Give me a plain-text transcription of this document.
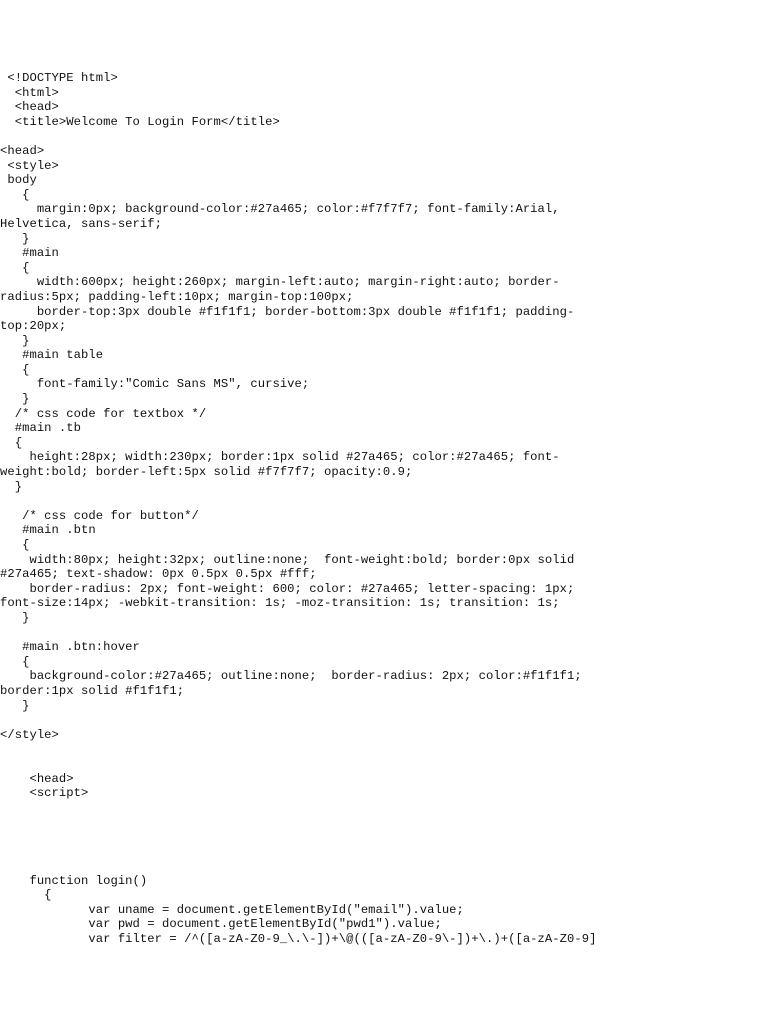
<!DOCTYPE html>
<html>
<head>
<title>Welcome To Login Form</title>
<head>
<style>
body
{
margin:0px; background-color:#27a465; color:#f7f7f7; font-family:Arial,
Helvetica, sans-serif;
}
#main
{
width:600px; height:260px; margin-left:auto; margin-right:auto; border-
radius:5px; padding-left:10px; margin-top:100px;
border-top:3px double #f1f1f1; border-bottom:3px double #f1f1f1; padding-
top:20px;
}
#main table
{
font-family:"Comic Sans MS", cursive;
}
/* css code for textbox */
#main .tb
{
height:28px; width:230px; border:1px solid #27a465; color:#27a465; font-
weight:bold; border-left:5px solid #f7f7f7; opacity:0.9;
}
/* css code for button*/
#main .btn
{
width:80px; height:32px; outline:none;  font-weight:bold; border:0px solid
#27a465; text-shadow: 0px 0.5px 0.5px #fff;
border-radius: 2px; font-weight: 600; color: #27a465; letter-spacing: 1px;
font-size:14px; -webkit-transition: 1s; -moz-transition: 1s; transition: 1s;
}
#main .btn:hover
{
background-color:#27a465; outline:none;  border-radius: 2px; color:#f1f1f1;
border:1px solid #f1f1f1;
}
</style>
<head>
<script>
function login()
{
var uname = document.getElementById("email").value;
var pwd = document.getElementById("pwd1").value;
var filter = /^([a-zA-Z0-9_\.\-])+\@(([a-zA-Z0-9\-])+\.)+([a-zA-Z0-9]
